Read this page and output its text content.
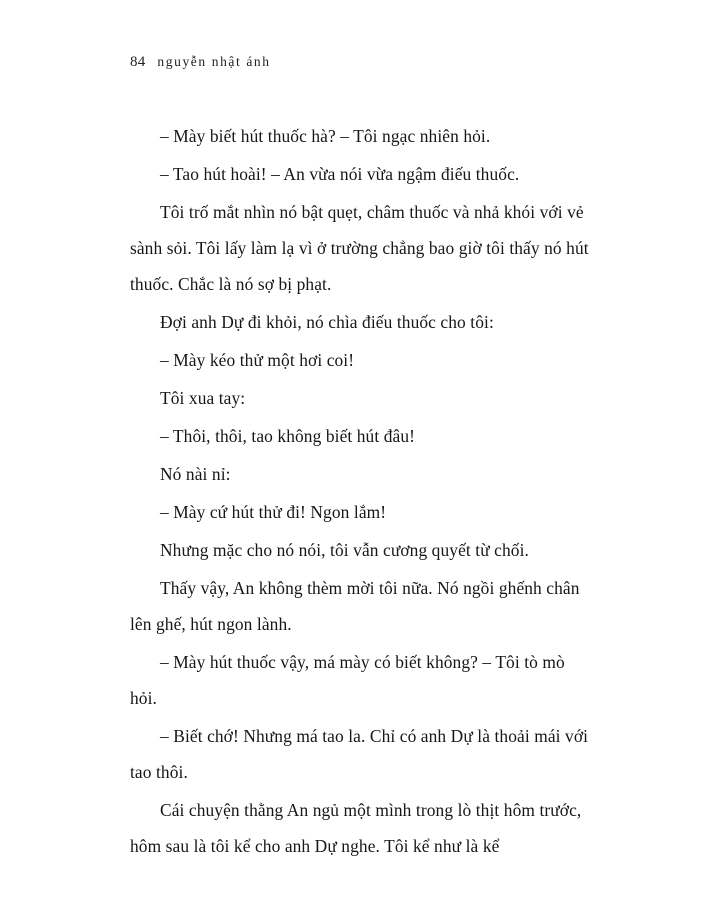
84 nguyễn nhật ánh

– Mày biết hút thuốc hà? – Tôi ngạc nhiên hỏi.

– Tao hút hoài! – An vừa nói vừa ngậm điếu thuốc.

Tôi trố mắt nhìn nó bật quẹt, châm thuốc và nhả khói với vẻ sành sỏi. Tôi lấy làm lạ vì ở trường chẳng bao giờ tôi thấy nó hút thuốc. Chắc là nó sợ bị phạt.

Đợi anh Dự đi khỏi, nó chìa điếu thuốc cho tôi:

– Mày kéo thử một hơi coi!

Tôi xua tay:

– Thôi, thôi, tao không biết hút đâu!

Nó nài nỉ:

– Mày cứ hút thử đi! Ngon lắm!

Nhưng mặc cho nó nói, tôi vẫn cương quyết từ chối.

Thấy vậy, An không thèm mời tôi nữa. Nó ngồi ghếnh chân lên ghế, hút ngon lành.

– Mày hút thuốc vậy, má mày có biết không? – Tôi tò mò hỏi.

– Biết chớ! Nhưng má tao la. Chỉ có anh Dự là thoải mái với tao thôi.

Cái chuyện thằng An ngủ một mình trong lò thịt hôm trước, hôm sau là tôi kể cho anh Dự nghe. Tôi kể như là kể
